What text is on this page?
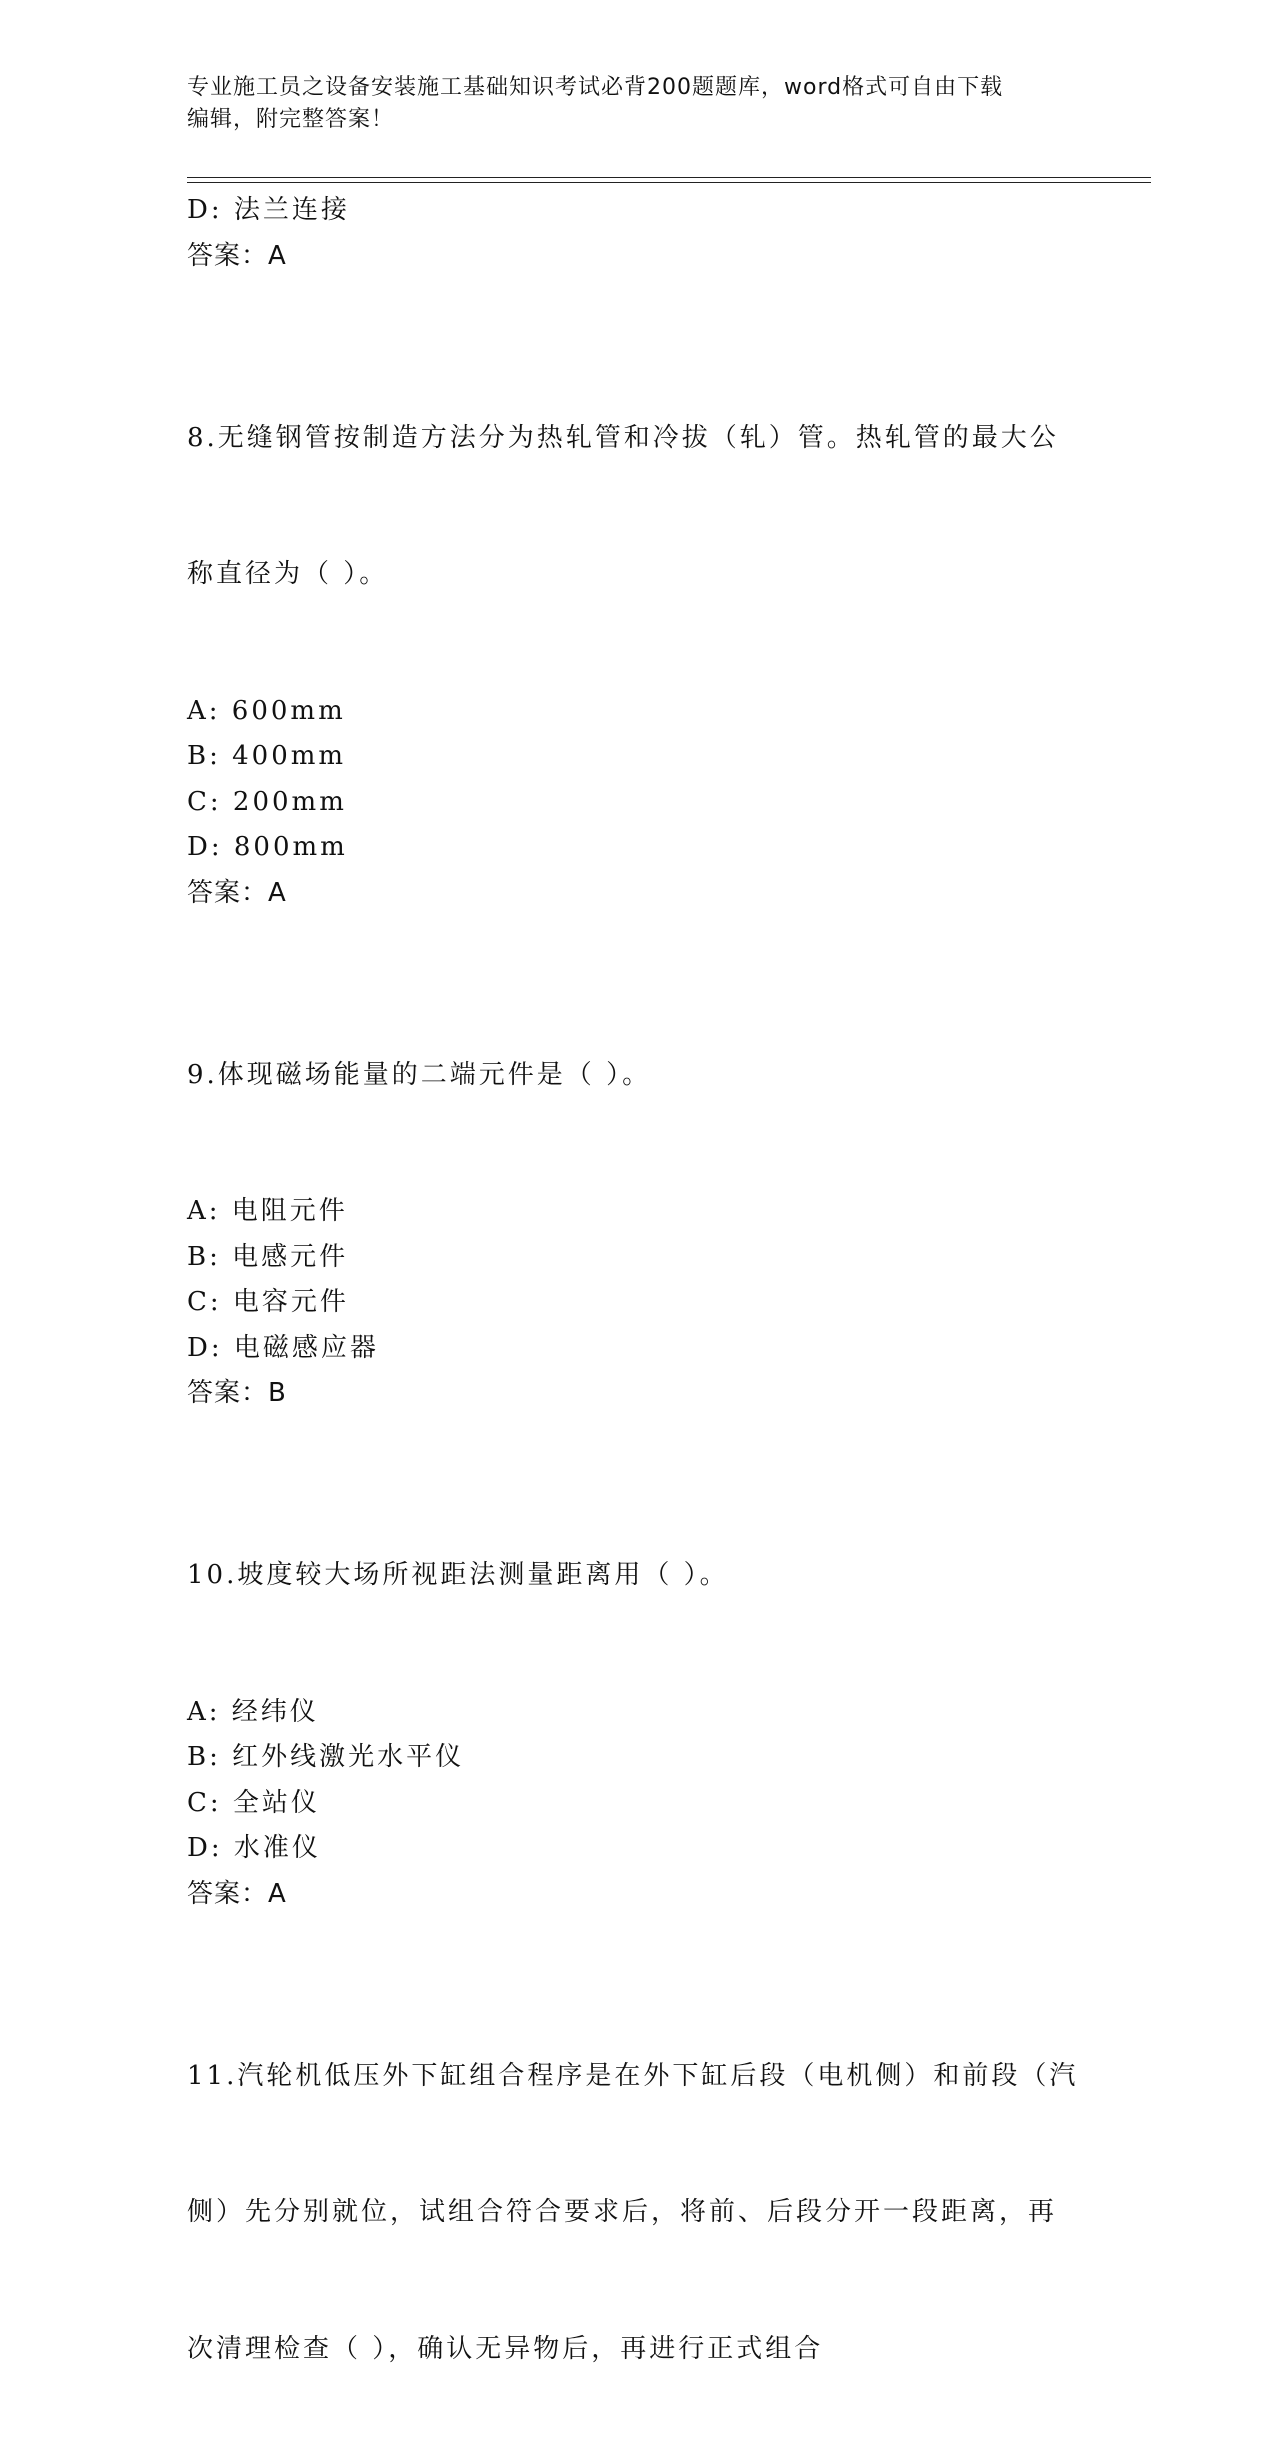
专业施工员之设备安装施工基础知识考试必背200题题库，word格式可自由下载
编辑，附完整答案！
D: 法兰连接
答案：A

8.无缝钢管按制造方法分为热轧管和冷拔（轧）管。热轧管的最大公

称直径为（ ）。

A: 600mm
B: 400mm
C: 200mm
D: 800mm
答案：A

9.体现磁场能量的二端元件是（ ）。

A: 电阻元件
B: 电感元件
C: 电容元件
D: 电磁感应器
答案：B

10.坡度较大场所视距法测量距离用（ ）。

A: 经纬仪
B: 红外线激光水平仪
C: 全站仪
D: 水准仪
答案：A

11.汽轮机低压外下缸组合程序是在外下缸后段（电机侧）和前段（汽

侧）先分别就位，试组合符合要求后，将前、后段分开一段距离，再

次清理检查（ ），确认无异物后，再进行正式组合
